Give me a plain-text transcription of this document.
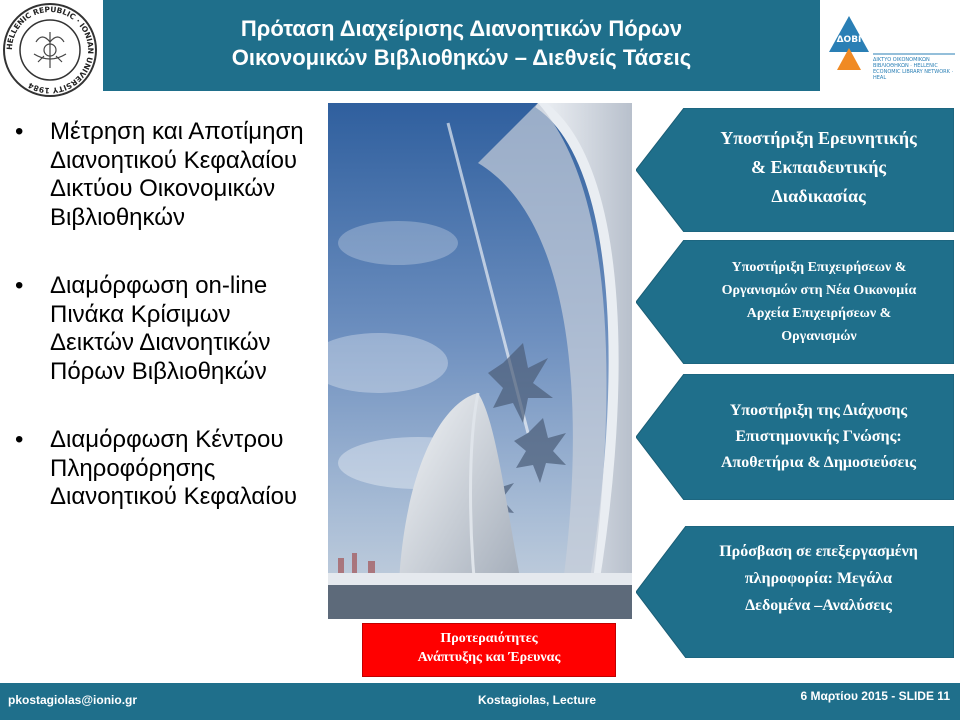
Πρόταση Διαχείρισης Διανοητικών Πόρων
Οικονομικών Βιβλιοθηκών – Διεθνείς Τάσεις
HELLENIC REPUBLIC · IONIAN UNIVERSITY 1984
ΔΟΒΙ
ΔΙΚΤΥΟ ΟΙΚΟΝΟΜΙΚΩΝ ΒΙΒΛΙΟΘΗΚΩΝ · HELLENIC ECONOMIC LIBRARY NETWORK · HEAL
• Μέτρηση και Αποτίμηση
Διανοητικού Κεφαλαίου
Δικτύου Οικονομικών
Βιβλιοθηκών
• Διαμόρφωση on-line
Πινάκα Κρίσιμων
Δεικτών Διανοητικών
Πόρων Βιβλιοθηκών
• Διαμόρφωση Κέντρου
Πληροφόρησης
Διανοητικού Κεφαλαίου
Προτεραιότητες
Ανάπτυξης και Έρευνας
Υποστήριξη Ερευνητικής
& Εκπαιδευτικής
Διαδικασίας
Υποστήριξη Επιχειρήσεων &
Οργανισμών στη Νέα Οικονομία
Αρχεία Επιχειρήσεων &
Οργανισμών
Υποστήριξη της Διάχυσης
Επιστημονικής Γνώσης:
Αποθετήρια & Δημοσιεύσεις
Πρόσβαση σε επεξεργασμένη
πληροφορία: Μεγάλα
Δεδομένα –Αναλύσεις
pkostagiolas@ionio.gr	Kostagiolas, Lecture	6 Μαρτίου 2015 - SLIDE 11
